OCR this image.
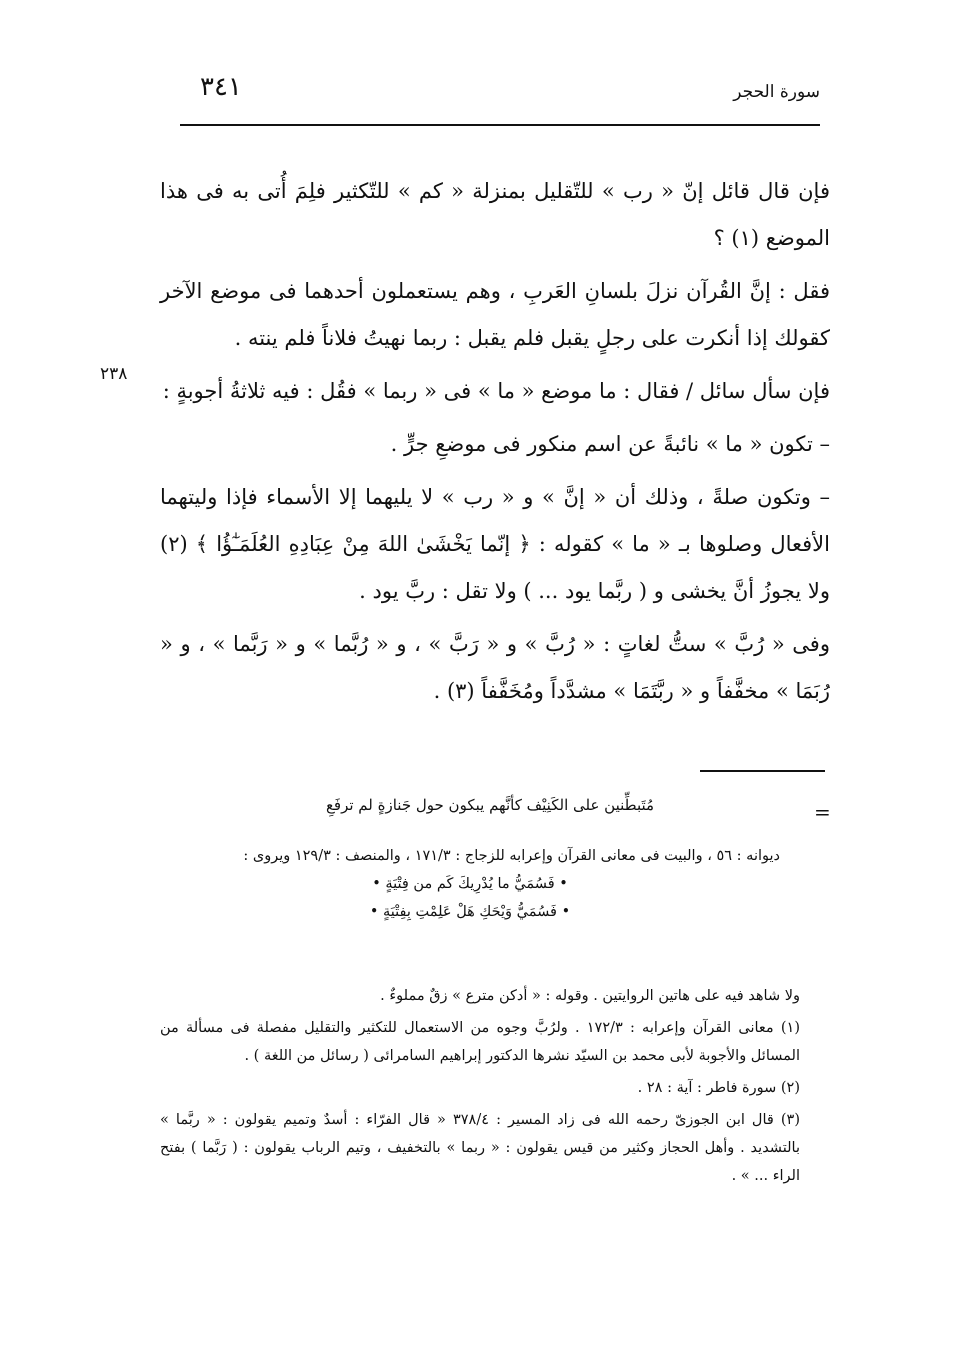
سورة الحجر
٣٤١
٢٣٨

فإن قال قائل إنّ « رب » للتّقليل بمنزلة « كم » للتّكثير فلِمَ أُتى به فى هذا الموضع (١) ؟

فقل : إنَّ القُرآن نزلَ بلسانِ العَربِ ، وهم يستعملون أحدهما فى موضع الآخر كقولك إذا أنكرت على رجلٍ يقبل فلم يقبل : ربما نهيتُ فلاناً فلم ينته .

فإن سأل سائل / فقال : ما موضع « ما » فى « ربما » فقُل : فيه ثلاثةُ أجوبةٍ :

– تكون « ما » نائبةً عن اسم منكور فى موضعِ جرٍّ .

– وتكون صلةً ، وذلك أن « إنَّ » و « رب » لا يليهما إلا الأسماء فإذا وليتهما الأفعال وصلوها بـ « ما » كقوله : ﴿ إنّما يَخْشَىٰ اللهَ مِنْ عِبَادِهِ العُلَمَـٰٓؤُا ﴾ (٢) ولا يجوزُ أنَّ يخشى و ( ربَّما يود ... ) ولا تقل : ربَّ يود .

وفى « رُبَّ » ستُّ لغاتٍ : « رُبَّ » و « رَبَّ » ، و « رُبَّما » و « رَبَّما » ، و « رُبَمَا » مخفَّفاً و « ربَّتَمَا » مشدَّداً ومُخَفَّفاً (٣) .

=
مُتَبطِّنين على الكَنِيْف كأنَّهم يبكون حول جَنازةٍ لم ترفَعِ

ديوانه : ٥٦ ، والبيت فى معانى القرآن وإعرابه للزجاج : ١٧١/٣ ، والمنصف : ١٢٩/٣ ويروى :

• فَسُمَيُّ ما يُدْرِيكَ كَم من فِتْيَةٍ •

• فَسُمَيُّ وَيْحَكِ هَلْ عَلِمْتِ بِفِتْيَةٍ •

ولا شاهد فيه على هاتين الروايتين . وقوله : « أدكن مترع » زقٌ مملوءٌ .

(١) معانى القرآن وإعرابه : ١٧٢/٣ . ولرُبَّ وجوه من الاستعمال للتكثير والتقليل مفصلة فى مسألة من المسائل والأجوبة لأبى محمد بن السيّد نشرها الدكتور إبراهيم السامرائى ( رسائل من اللغة ) .

(٢) سورة فاطر : آية : ٢٨ .

(٣) قال ابن الجوزىّ رحمه الله فى زاد المسير : ٣٧٨/٤ « قال الفرّاء : أسدٌ وتميم يقولون : « ربَّما » بالتشديد . وأهل الحجاز وكثير من قيس يقولون : « ربما » بالتخفيف ، وتيم الرباب يقولون : ( رَبَّما ) بفتح الراء ... » .
